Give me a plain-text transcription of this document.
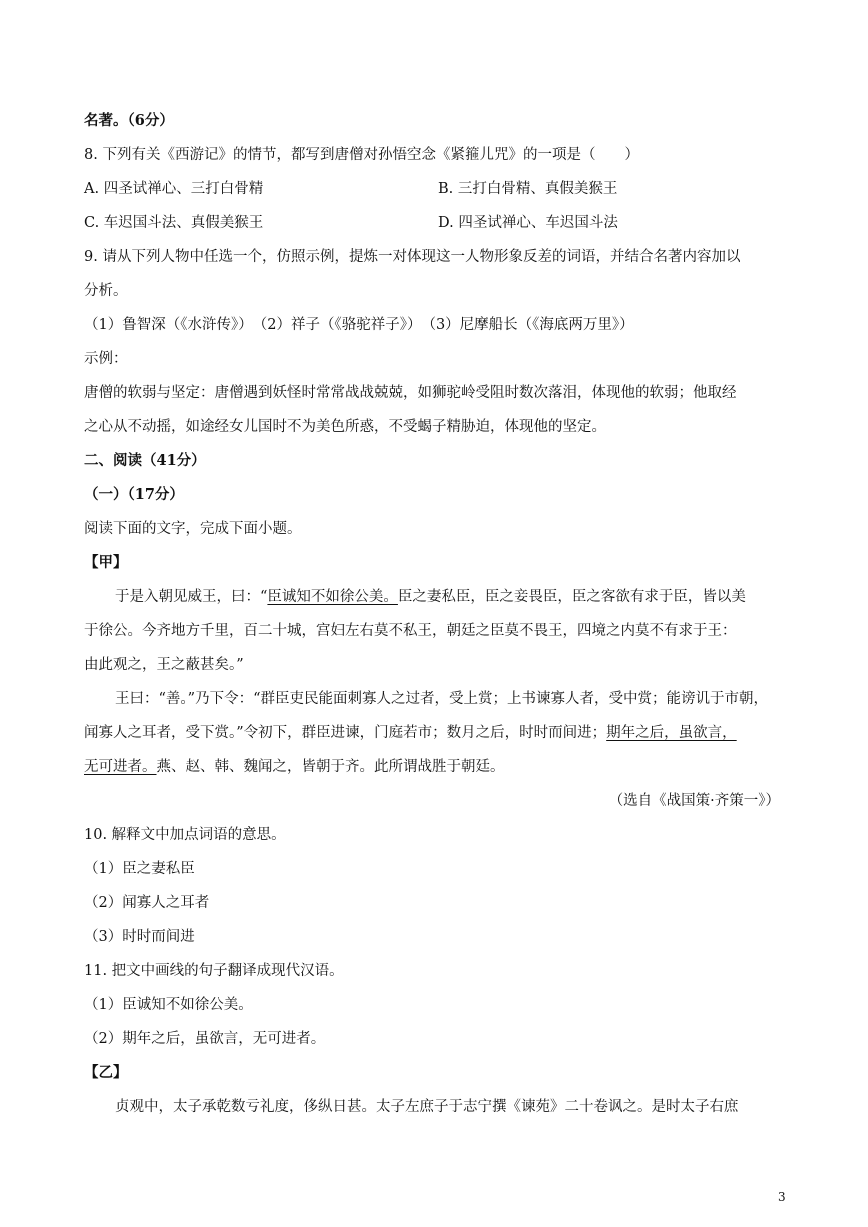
名著。（6分）
8. 下列有关《西游记》的情节，都写到唐僧对孙悟空念《紧箍儿咒》的一项是（　　）
A. 四圣试禅心、三打白骨精	B. 三打白骨精、真假美猴王
C. 车迟国斗法、真假美猴王	D. 四圣试禅心、车迟国斗法
9. 请从下列人物中任选一个，仿照示例，提炼一对体现这一人物形象反差的词语，并结合名著内容加以
分析。
（1）鲁智深（《水浒传》）　（2）祥子（《骆驼祥子》）　（3）尼摩船长（《海底两万里》）
示例：
唐僧的软弱与坚定：唐僧遇到妖怪时常常战战兢兢，如狮驼岭受阻时数次落泪，体现他的软弱；他取经
之心从不动摇，如途经女儿国时不为美色所惑，不受蝎子精胁迫，体现他的坚定。
二、阅读（41分）
（一）（17分）
阅读下面的文字，完成下面小题。
【甲】
于是入朝见威王，曰：“臣诚知不如徐公美。臣之妻私臣，臣之妾畏臣，臣之客欲有求于臣，皆以美
于徐公。今齐地方千里，百二十城，宫妇左右莫不私王，朝廷之臣莫不畏王，四境之内莫不有求于王：
由此观之，王之蔽甚矣。”
王曰：“善。”乃下令：“群臣吏民能面刺寡人之过者，受上赏；上书谏寡人者，受中赏；能谤讥于市朝，
闻寡人之耳者，受下赏。”令初下，群臣进谏，门庭若市；数月之后，时时而间进；期年之后，虽欲言，
无可进者。燕、赵、韩、魏闻之，皆朝于齐。此所谓战胜于朝廷。
（选自《战国策·齐策一》）
10. 解释文中加点词语的意思。
（1）臣之妻私臣
（2）闻寡人之耳者
（3）时时而间进
11. 把文中画线的句子翻译成现代汉语。
（1）臣诚知不如徐公美。
（2）期年之后，虽欲言，无可进者。
【乙】
贞观中，太子承乾数亏礼度，侈纵日甚。太子左庶子于志宁撰《谏苑》二十卷讽之。是时太子右庶
3
